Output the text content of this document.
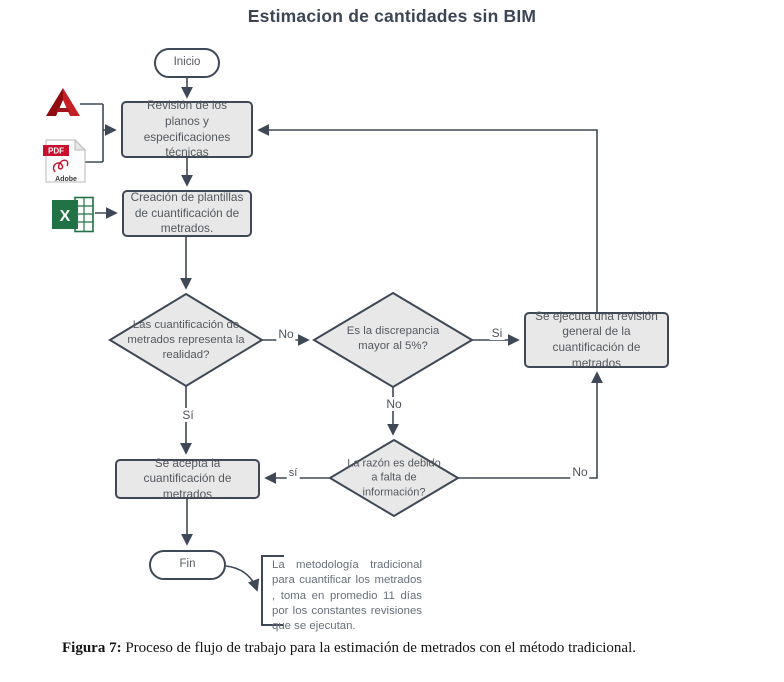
Estimacion de cantidades sin BIM
Inicio
Revisión de los planos y especificaciones técnicas
Creación de plantillas de cuantificación de metrados.
Se ejecuta una revisión general de la cuantificación de metrados
Se acepta la cuantificación de metrados
Fin
Las cuantificación de metrados representa la realidad?
Es la discrepancia mayor al 5%?
La razón es debido a falta de información?
No	Si
No
Sí
sí	No
PDF
Adobe
X
La metodología tradicional para cuantificar los metrados , toma en promedio 11 días por los constantes revisiones que se ejecutan.
Figura 7: Proceso de flujo de trabajo para la estimación de metrados con el método tradicional.
